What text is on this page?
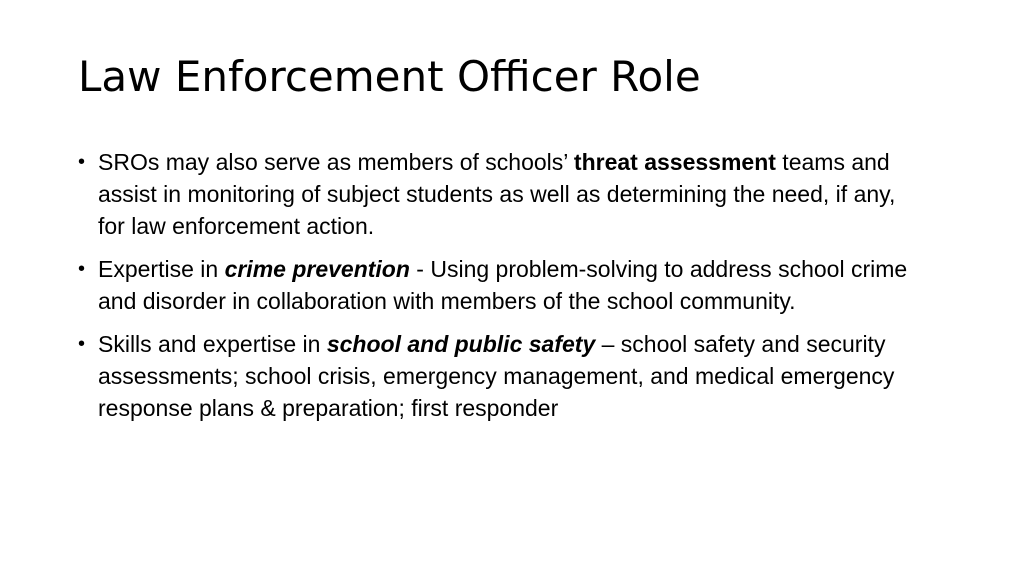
Law Enforcement Officer Role
• SROs may also serve as members of schools’ threat assessment teams and assist in monitoring of subject students as well as determining the need, if any, for law enforcement action.
• Expertise in crime prevention - Using problem-solving to address school crime and disorder in collaboration with members of the school community.
• Skills and expertise in school and public safety – school safety and security assessments; school crisis, emergency management, and medical emergency response plans & preparation; first responder
